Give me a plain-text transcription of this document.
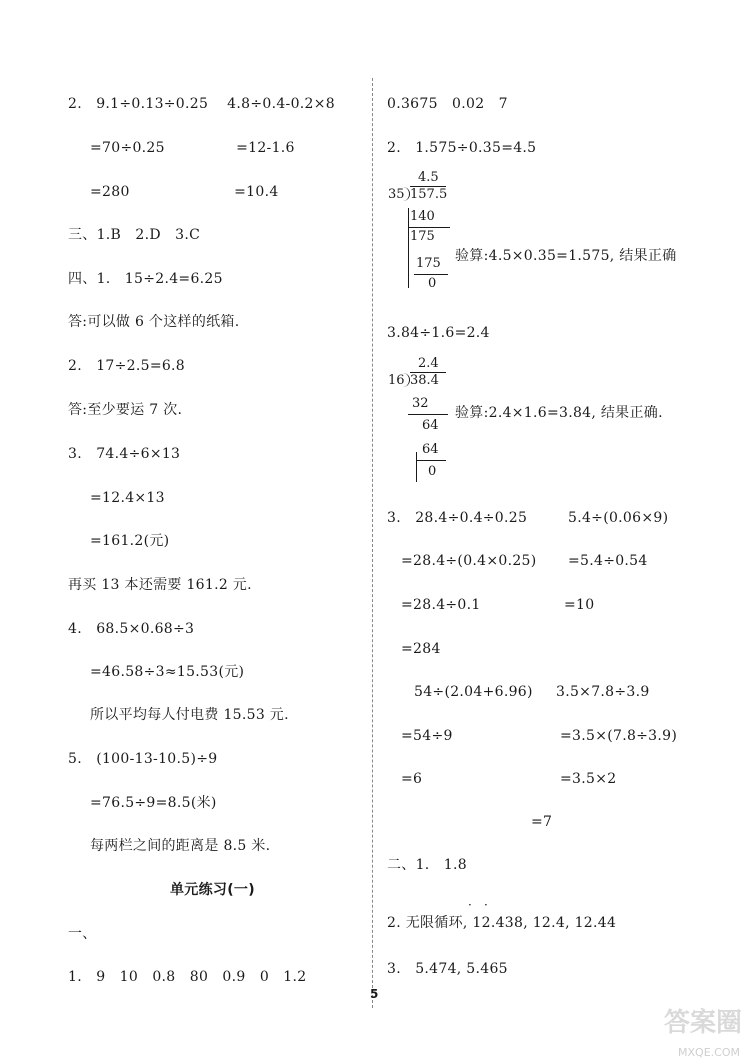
2.   9.1÷0.13÷0.25    4.8÷0.4-0.2×8
=70÷0.25               =12-1.6
=280                      =10.4
三、1.B   2.D   3.C
四、1.   15÷2.4=6.25
答:可以做 6 个这样的纸箱.
2.   17÷2.5=6.8
答:至少要运 7 次.
3.   74.4÷6×13
=12.4×13
=161.2(元)
再买 13 本还需要 161.2 元.
4.   68.5×0.68÷3
=46.58÷3≈15.53(元)
所以平均每人付电费 15.53 元.
5.   (100-13-10.5)÷9
=76.5÷9=8.5(米)
每两栏之间的距离是 8.5 米.
单元练习(一)
一、
1.   9   10   0.8   80   0.9   0   1.2
0.3675   0.02   7
2.   1.575÷0.35=4.5
4.5
35 157.5
140
175
175
0
验算:4.5×0.35=1.575, 结果正确
3.84÷1.6=2.4
2.4
16 38.4
32
64
64
0
验算:2.4×1.6=3.84, 结果正确.
3.   28.4÷0.4÷0.25	5.4÷(0.06×9)
=28.4÷(0.4×0.25) =5.4÷0.54
=28.4÷0.1	=10
=284
54÷(2.04+6.96) 3.5×7.8÷3.9
=54÷9	=3.5×(7.8÷3.9)
=6	=3.5×2
=7
二、1.   1.8
2. 无限循环, 12.438, 12.4, 12.44
· ·
3.   5.474, 5.465
5
答案圈
MXQE.COM
